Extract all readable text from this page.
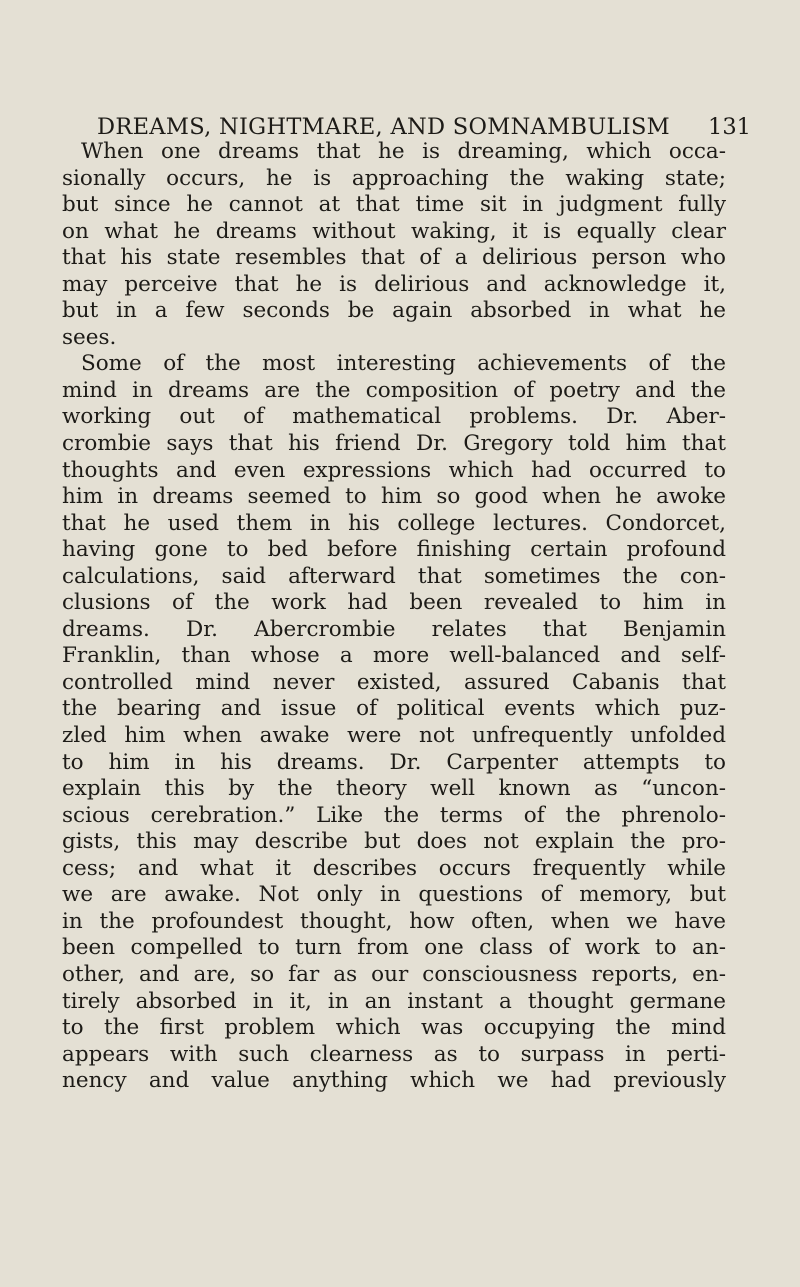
DREAMS, NIGHTMARE, AND SOMNAMBULISM 131
When one dreams that he is dreaming, which occa-
sionally occurs, he is approaching the waking state;
but since he cannot at that time sit in judgment fully
on what he dreams without waking, it is equally clear
that his state resembles that of a delirious person who
may perceive that he is delirious and acknowledge it,
but in a few seconds be again absorbed in what he
sees.
Some of the most interesting achievements of the
mind in dreams are the composition of poetry and the
working out of mathematical problems. Dr. Aber-
crombie says that his friend Dr. Gregory told him that
thoughts and even expressions which had occurred to
him in dreams seemed to him so good when he awoke
that he used them in his college lectures. Condorcet,
having gone to bed before finishing certain profound
calculations, said afterward that sometimes the con-
clusions of the work had been revealed to him in
dreams. Dr. Abercrombie relates that Benjamin
Franklin, than whose a more well-balanced and self-
controlled mind never existed, assured Cabanis that
the bearing and issue of political events which puz-
zled him when awake were not unfrequently unfolded
to him in his dreams. Dr. Carpenter attempts to
explain this by the theory well known as “uncon-
scious cerebration.” Like the terms of the phrenolo-
gists, this may describe but does not explain the pro-
cess; and what it describes occurs frequently while
we are awake. Not only in questions of memory, but
in the profoundest thought, how often, when we have
been compelled to turn from one class of work to an-
other, and are, so far as our consciousness reports, en-
tirely absorbed in it, in an instant a thought germane
to the first problem which was occupying the mind
appears with such clearness as to surpass in perti-
nency and value anything which we had previously
